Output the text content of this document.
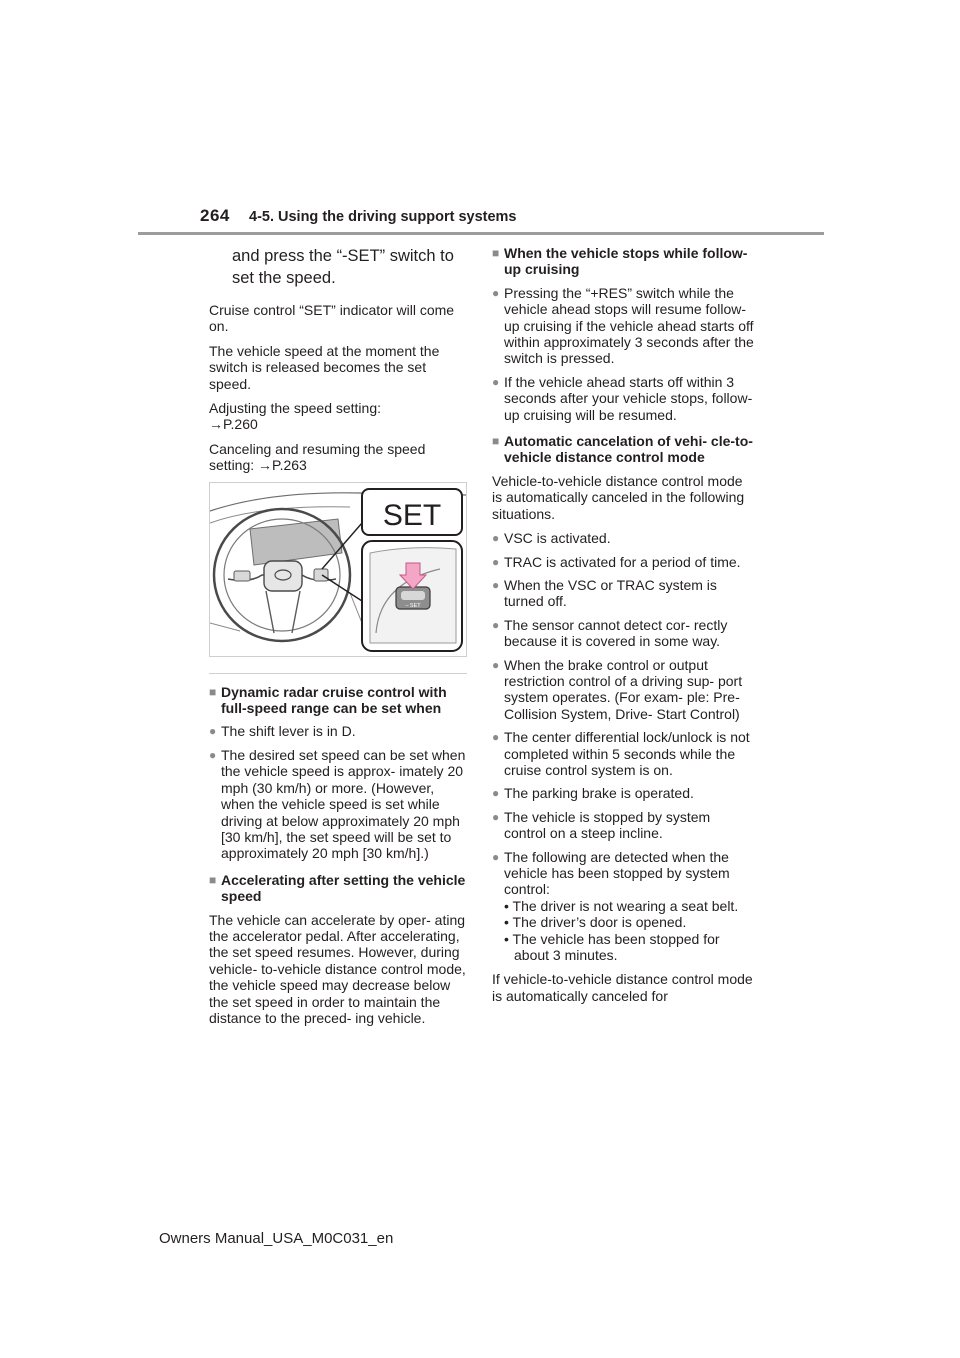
264 4-5. Using the driving support systems
and press the “-SET” switch to set the speed.

Cruise control “SET” indicator will come on.

The vehicle speed at the moment the switch is released becomes the set speed.

Adjusting the speed setting:
→P.260

Canceling and resuming the speed setting: →P.263

SET
– SET
■ Dynamic radar cruise control with full-speed range can be set when
● The shift lever is in D.
● The desired set speed can be set when the vehicle speed is approx- imately 20 mph (30 km/h) or more. (However, when the vehicle speed is set while driving at below approximately 20 mph [30 km/h], the set speed will be set to approximately 20 mph [30 km/h].)
■ Accelerating after setting the vehicle speed

The vehicle can accelerate by oper- ating the accelerator pedal. After accelerating, the set speed resumes. However, during vehicle- to-vehicle distance control mode, the vehicle speed may decrease below the set speed in order to maintain the distance to the preced- ing vehicle.

■ When the vehicle stops while follow-up cruising
● Pressing the “+RES” switch while the vehicle ahead stops will resume follow-up cruising if the vehicle ahead starts off within approximately 3 seconds after the switch is pressed.
● If the vehicle ahead starts off within 3 seconds after your vehicle stops, follow-up cruising will be resumed.
■ Automatic cancelation of vehi- cle-to-vehicle distance control mode

Vehicle-to-vehicle distance control mode is automatically canceled in the following situations.

● VSC is activated.
● TRAC is activated for a period of time.
● When the VSC or TRAC system is turned off.
● The sensor cannot detect cor- rectly because it is covered in some way.
● When the brake control or output restriction control of a driving sup- port system operates. (For exam- ple: Pre-Collision System, Drive- Start Control)
● The center differential lock/unlock is not completed within 5 seconds while the cruise control system is on.
● The parking brake is operated.
● The vehicle is stopped by system control on a steep incline.
● The following are detected when the vehicle has been stopped by system control:
• The driver is not wearing a seat belt.
• The driver’s door is opened.
• The vehicle has been stopped for about 3 minutes.

If vehicle-to-vehicle distance control mode is automatically canceled for

Owners Manual_USA_M0C031_en
